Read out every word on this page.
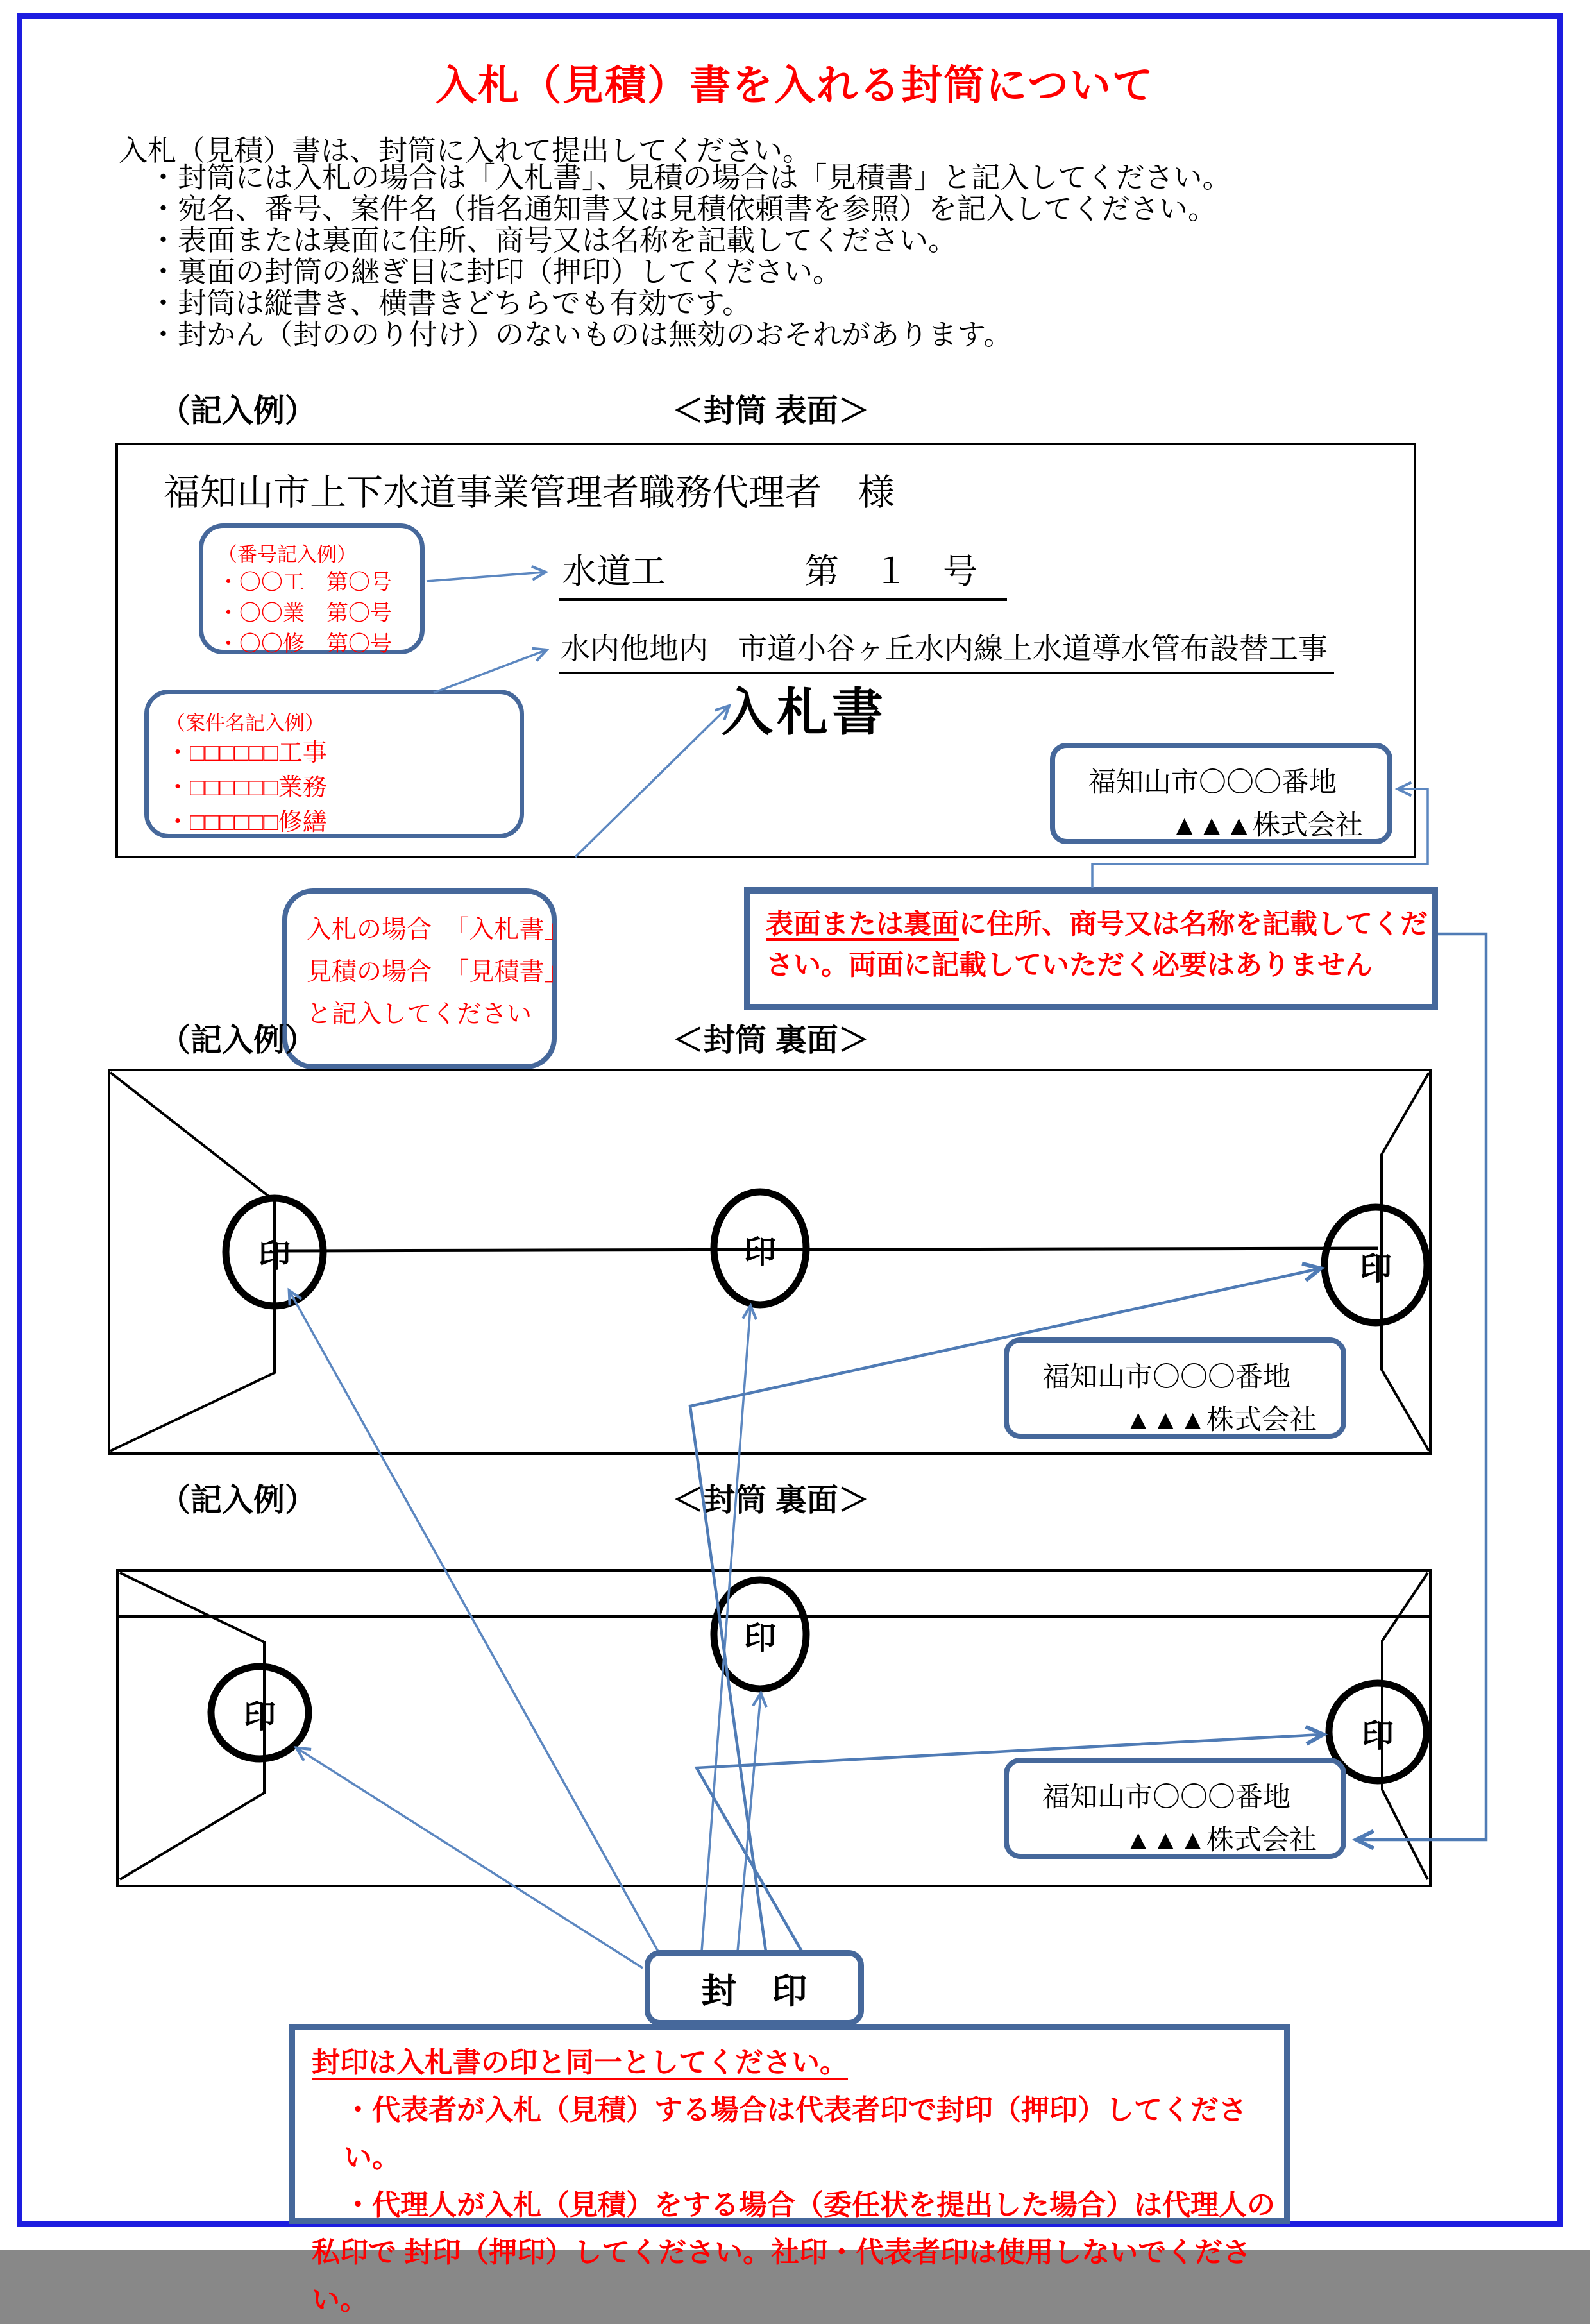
入札（見積）書を入れる封筒について
入札（見積）書は、封筒に入れて提出してください。
・封筒には入札の場合は「入札書」、見積の場合は「見積書」と記入してください。
・宛名、番号、案件名（指名通知書又は見積依頼書を参照）を記入してください。
・表面または裏面に住所、商号又は名称を記載してください。
・裏面の封筒の継ぎ目に封印（押印）してください。
・封筒は縦書き、横書きどちらでも有効です。
・封かん（封ののり付け）のないものは無効のおそれがあります。
（記入例）	＜封筒 表面＞
福知山市上下水道事業管理者職務代理者　様
（番号記入例）
・〇〇工　第〇号
・〇〇業　第〇号
・〇〇修　第〇号
水道工　　　　第　１　号
水内他地内　市道小谷ヶ丘水内線上水道導水管布設替工事
入札書
（案件名記入例）
・□□□□□□工事
・□□□□□□業務
・□□□□□□修繕
福知山市〇〇〇番地
▲▲▲株式会社
入札の場合　「入札書」
見積の場合　「見積書」
と記入してください
表面または裏面に住所、商号又は名称を記載してくだ
さい。両面に記載していただく必要はありません
（記入例）	＜封筒 裏面＞
（記入例）	＜封筒 裏面＞
印	印	印
印
印
印
福知山市〇〇〇番地
▲▲▲株式会社
福知山市〇〇〇番地
▲▲▲株式会社
封　印
封印は入札書の印と同一としてください。
・代表者が入札（見積）する場合は代表者印で封印（押印）してください。
・代理人が入札（見積）をする場合（委任状を提出した場合）は代理人の
私印で 封印（押印）してください。社印・代表者印は使用しないでください。
